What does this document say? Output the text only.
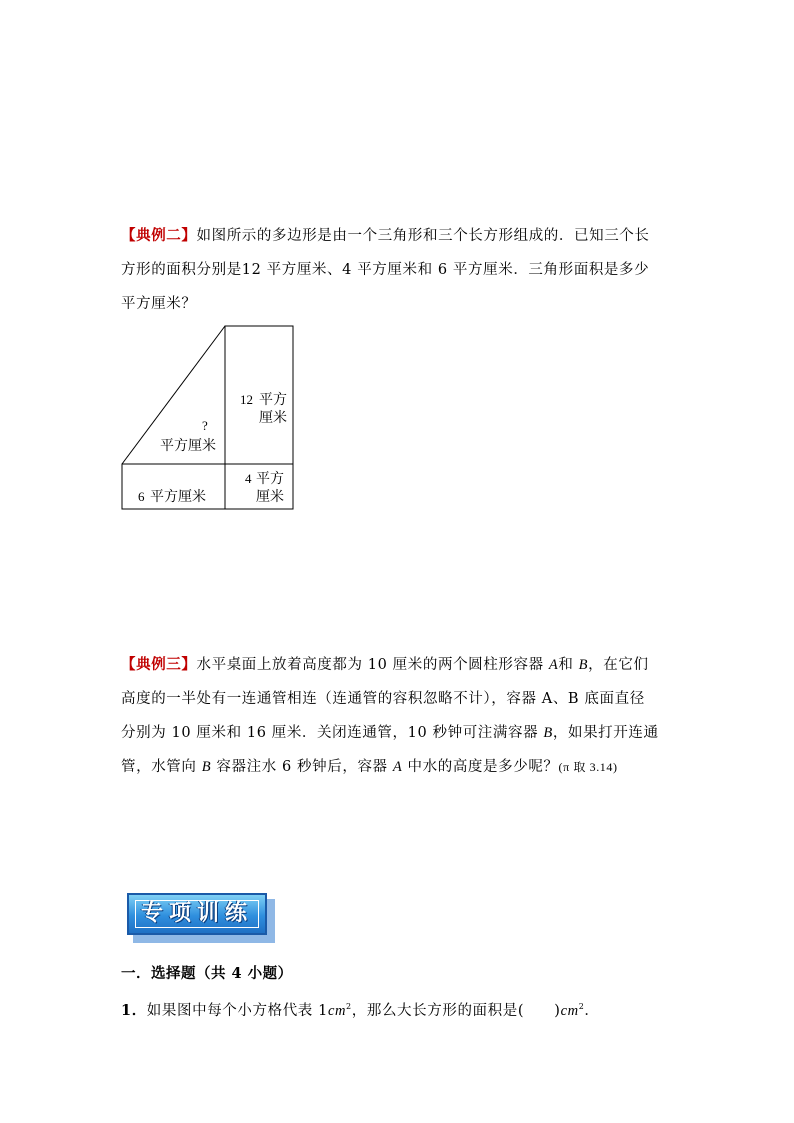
【典例二】如图所示的多边形是由一个三角形和三个长方形组成的．已知三个长
方形的面积分别是12 平方厘米、4 平方厘米和 6 平方厘米．三角形面积是多少
平方厘米？
12 平方
厘米
?
平方厘米
6 平方厘米
4 平方
厘米
【典例三】水平桌面上放着高度都为 10 厘米的两个圆柱形容器 A和 B，在它们
高度的一半处有一连通管相连（连通管的容积忽略不计），容器 A、B 底面直径
分别为 10 厘米和 16 厘米．关闭连通管，10 秒钟可注满容器 B，如果打开连通
管，水管向 B 容器注水 6 秒钟后，容器 A 中水的高度是多少呢？(π 取 3.14)
专项训练
一．选择题（共 4 小题）
1．如果图中每个小方格代表 $1cm^2$，那么大长方形的面积是(　　)$cm^2$．
